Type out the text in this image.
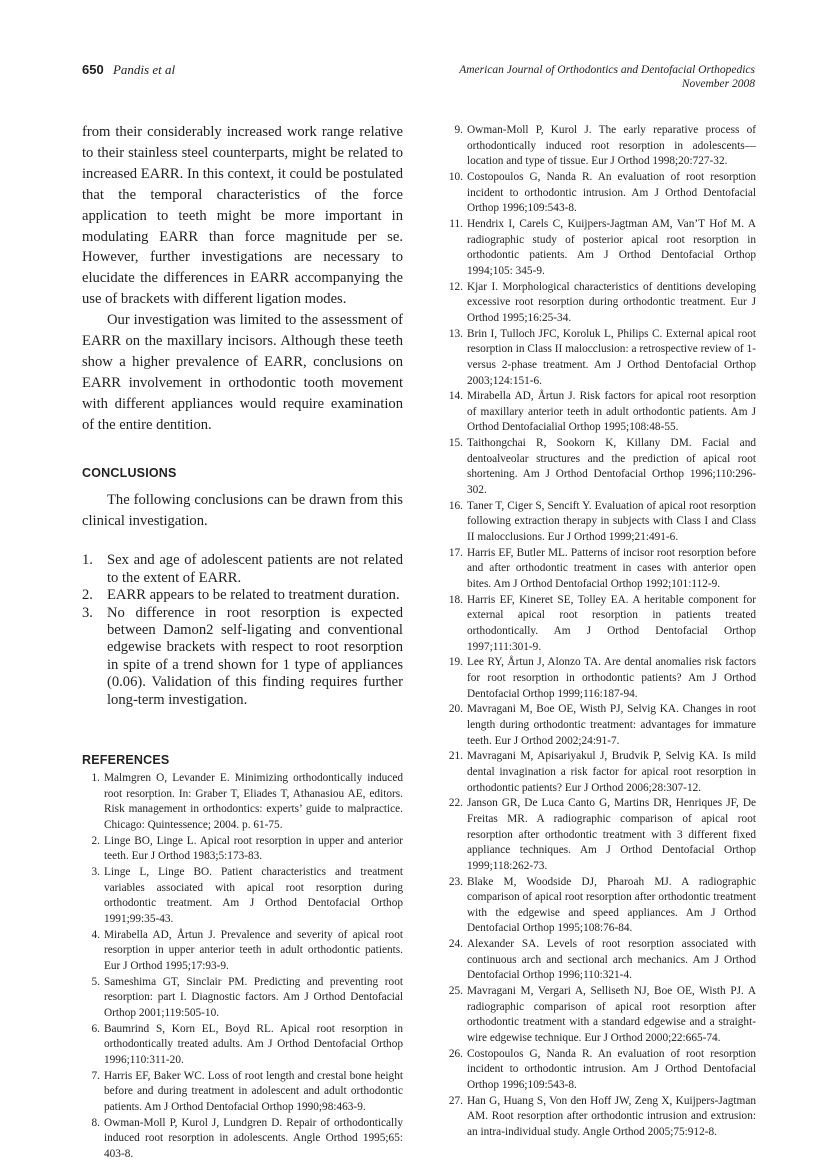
650 Pandis et al	American Journal of Orthodontics and Dentofacial Orthopedics
November 2008

from their considerably increased work range relative to their stainless steel counterparts, might be related to increased EARR. In this context, it could be postulated that the temporal characteristics of the force application to teeth might be more important in modulating EARR than force magnitude per se. However, further investigations are necessary to elucidate the differences in EARR accompanying the use of brackets with different ligation modes.

Our investigation was limited to the assessment of EARR on the maxillary incisors. Although these teeth show a higher prevalence of EARR, conclusions on EARR involvement in orthodontic tooth movement with different appliances would require examination of the entire dentition.

CONCLUSIONS

The following conclusions can be drawn from this clinical investigation.

1. Sex and age of adolescent patients are not related to the extent of EARR.
2. EARR appears to be related to treatment duration.
3. No difference in root resorption is expected between Damon2 self-ligating and conventional edgewise brackets with respect to root resorption in spite of a trend shown for 1 type of appliances (0.06). Validation of this finding requires further long-term investigation.
REFERENCES
1. Malmgren O, Levander E. Minimizing orthodontically induced root resorption. In: Graber T, Eliades T, Athanasiou AE, editors. Risk management in orthodontics: experts’ guide to malpractice. Chicago: Quintessence; 2004. p. 61-75.
2. Linge BO, Linge L. Apical root resorption in upper and anterior teeth. Eur J Orthod 1983;5:173-83.
3. Linge L, Linge BO. Patient characteristics and treatment variables associated with apical root resorption during orthodontic treatment. Am J Orthod Dentofacial Orthop 1991;99:35-43.
4. Mirabella AD, Årtun J. Prevalence and severity of apical root resorption in upper anterior teeth in adult orthodontic patients. Eur J Orthod 1995;17:93-9.
5. Sameshima GT, Sinclair PM. Predicting and preventing root resorption: part I. Diagnostic factors. Am J Orthod Dentofacial Orthop 2001;119:505-10.
6. Baumrind S, Korn EL, Boyd RL. Apical root resorption in orthodontically treated adults. Am J Orthod Dentofacial Orthop 1996;110:311-20.
7. Harris EF, Baker WC. Loss of root length and crestal bone height before and during treatment in adolescent and adult orthodontic patients. Am J Orthod Dentofacial Orthop 1990;98:463-9.
8. Owman-Moll P, Kurol J, Lundgren D. Repair of orthodontically induced root resorption in adolescents. Angle Orthod 1995;65: 403-8.
9. Owman-Moll P, Kurol J. The early reparative process of orthodontically induced root resorption in adolescents—location and type of tissue. Eur J Orthod 1998;20:727-32.
10. Costopoulos G, Nanda R. An evaluation of root resorption incident to orthodontic intrusion. Am J Orthod Dentofacial Orthop 1996;109:543-8.
11. Hendrix I, Carels C, Kuijpers-Jagtman AM, Van’T Hof M. A radiographic study of posterior apical root resorption in orthodontic patients. Am J Orthod Dentofacial Orthop 1994;105: 345-9.
12. Kjar I. Morphological characteristics of dentitions developing excessive root resorption during orthodontic treatment. Eur J Orthod 1995;16:25-34.
13. Brin I, Tulloch JFC, Koroluk L, Philips C. External apical root resorption in Class II malocclusion: a retrospective review of 1- versus 2-phase treatment. Am J Orthod Dentofacial Orthop 2003;124:151-6.
14. Mirabella AD, Årtun J. Risk factors for apical root resorption of maxillary anterior teeth in adult orthodontic patients. Am J Orthod Dentofacialial Orthop 1995;108:48-55.
15. Taithongchai R, Sookorn K, Killany DM. Facial and dentoalveolar structures and the prediction of apical root shortening. Am J Orthod Dentofacial Orthop 1996;110:296-302.
16. Taner T, Ciger S, Sencift Y. Evaluation of apical root resorption following extraction therapy in subjects with Class I and Class II malocclusions. Eur J Orthod 1999;21:491-6.
17. Harris EF, Butler ML. Patterns of incisor root resorption before and after orthodontic treatment in cases with anterior open bites. Am J Orthod Dentofacial Orthop 1992;101:112-9.
18. Harris EF, Kineret SE, Tolley EA. A heritable component for external apical root resorption in patients treated orthodontically. Am J Orthod Dentofacial Orthop 1997;111:301-9.
19. Lee RY, Årtun J, Alonzo TA. Are dental anomalies risk factors for root resorption in orthodontic patients? Am J Orthod Dentofacial Orthop 1999;116:187-94.
20. Mavragani M, Boe OE, Wisth PJ, Selvig KA. Changes in root length during orthodontic treatment: advantages for immature teeth. Eur J Orthod 2002;24:91-7.
21. Mavragani M, Apisariyakul J, Brudvik P, Selvig KA. Is mild dental invagination a risk factor for apical root resorption in orthodontic patients? Eur J Orthod 2006;28:307-12.
22. Janson GR, De Luca Canto G, Martins DR, Henriques JF, De Freitas MR. A radiographic comparison of apical root resorption after orthodontic treatment with 3 different fixed appliance techniques. Am J Orthod Dentofacial Orthop 1999;118:262-73.
23. Blake M, Woodside DJ, Pharoah MJ. A radiographic comparison of apical root resorption after orthodontic treatment with the edgewise and speed appliances. Am J Orthod Dentofacial Orthop 1995;108:76-84.
24. Alexander SA. Levels of root resorption associated with continuous arch and sectional arch mechanics. Am J Orthod Dentofacial Orthop 1996;110:321-4.
25. Mavragani M, Vergari A, Selliseth NJ, Boe OE, Wisth PJ. A radiographic comparison of apical root resorption after orthodontic treatment with a standard edgewise and a straight-wire edgewise technique. Eur J Orthod 2000;22:665-74.
26. Costopoulos G, Nanda R. An evaluation of root resorption incident to orthodontic intrusion. Am J Orthod Dentofacial Orthop 1996;109:543-8.
27. Han G, Huang S, Von den Hoff JW, Zeng X, Kuijpers-Jagtman AM. Root resorption after orthodontic intrusion and extrusion: an intra-individual study. Angle Orthod 2005;75:912-8.
